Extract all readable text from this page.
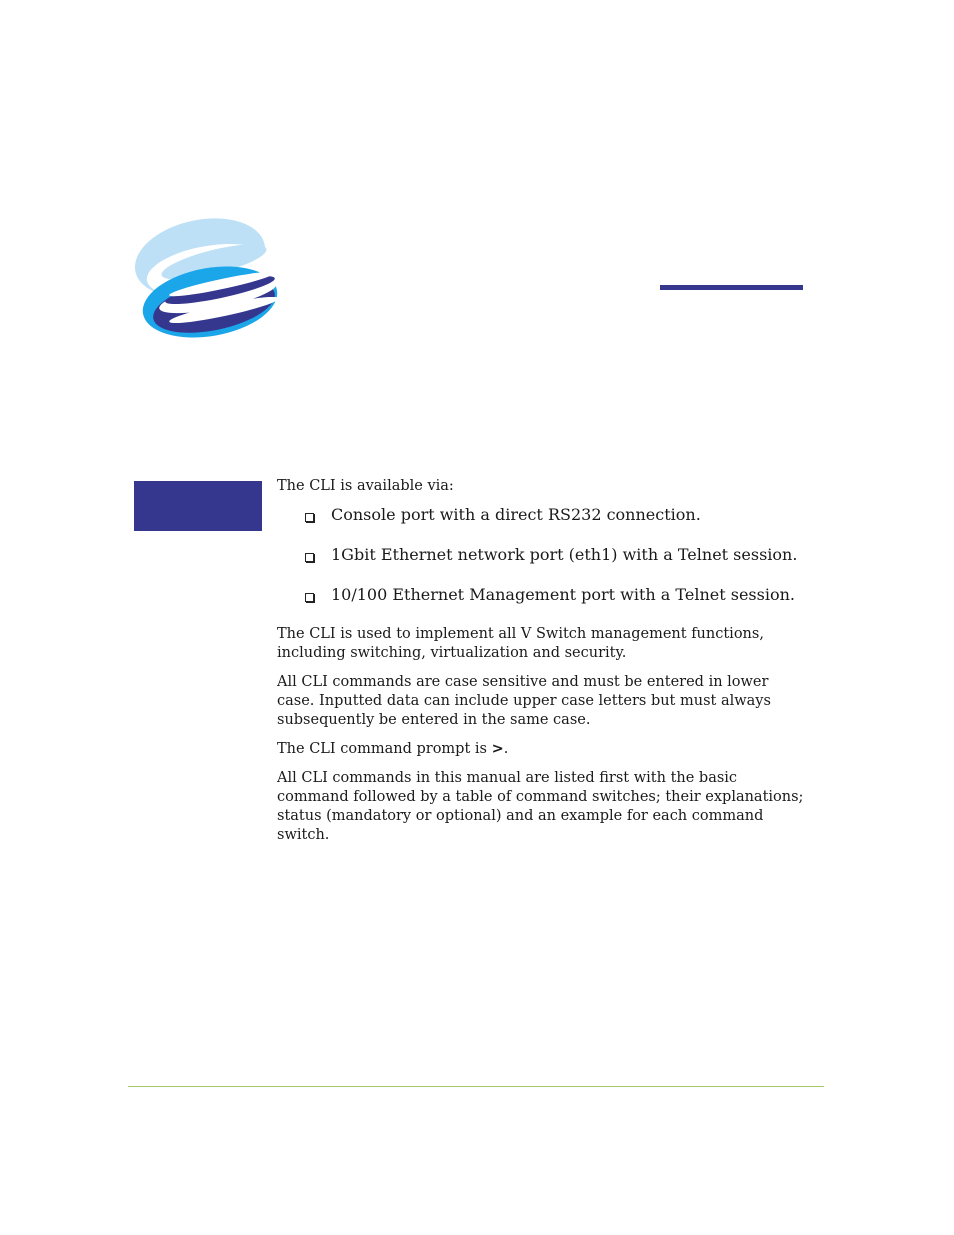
The CLI is available via:

Console port with a direct RS232 connection.
1Gbit Ethernet network port (eth1) with a Telnet session.
10/100 Ethernet Management port with a Telnet session.

The CLI is used to implement all V Switch management functions, including switching, virtualization and security.

All CLI commands are case sensitive and must be entered in lower case. Inputted data can include upper case letters but must always subsequently be entered in the same case.

The CLI command prompt is >.

All CLI commands in this manual are listed first with the basic command followed by a table of command switches; their explanations; status (mandatory or optional) and an example for each command switch.
